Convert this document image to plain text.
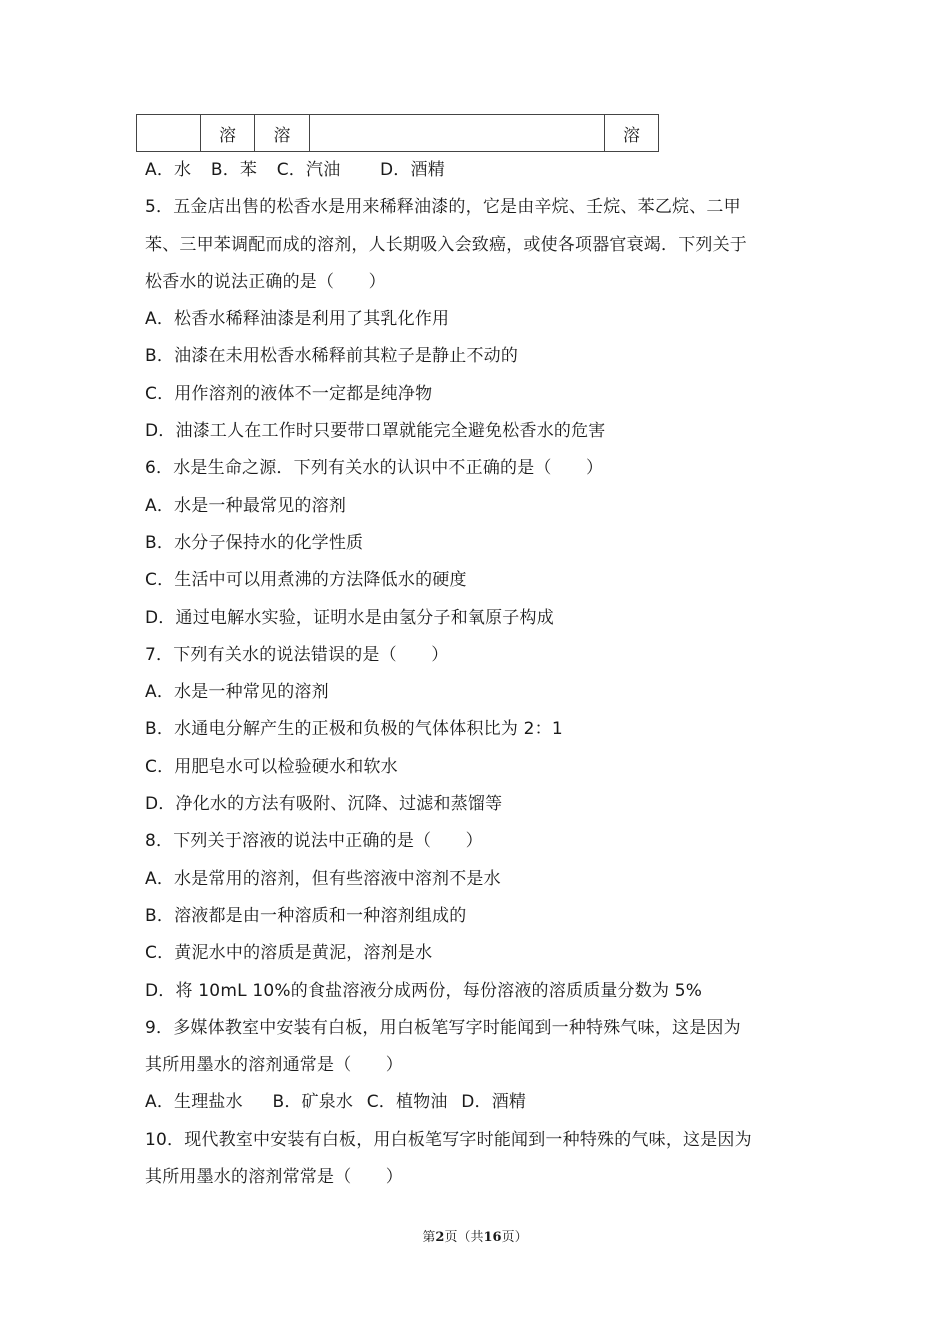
	溶	溶		溶
A．水 B．苯 C．汽油 D．酒精
5．五金店出售的松香水是用来稀释油漆的，它是由辛烷、壬烷、苯乙烷、二甲
苯、三甲苯调配而成的溶剂，人长期吸入会致癌，或使各项器官衰竭．下列关于
松香水的说法正确的是（　　）
A．松香水稀释油漆是利用了其乳化作用
B．油漆在未用松香水稀释前其粒子是静止不动的
C．用作溶剂的液体不一定都是纯净物
D．油漆工人在工作时只要带口罩就能完全避免松香水的危害
6．水是生命之源．下列有关水的认识中不正确的是（　　）
A．水是一种最常见的溶剂
B．水分子保持水的化学性质
C．生活中可以用煮沸的方法降低水的硬度
D．通过电解水实验，证明水是由氢分子和氧原子构成
7．下列有关水的说法错误的是（　　）
A．水是一种常见的溶剂
B．水通电分解产生的正极和负极的气体体积比为 2：1
C．用肥皂水可以检验硬水和软水
D．净化水的方法有吸附、沉降、过滤和蒸馏等
8．下列关于溶液的说法中正确的是（　　）
A．水是常用的溶剂，但有些溶液中溶剂不是水
B．溶液都是由一种溶质和一种溶剂组成的
C．黄泥水中的溶质是黄泥，溶剂是水
D．将 10mL 10%的食盐溶液分成两份，每份溶液的溶质质量分数为 5%
9．多媒体教室中安装有白板，用白板笔写字时能闻到一种特殊气味，这是因为
其所用墨水的溶剂通常是（　　）
A．生理盐水 B．矿泉水 C．植物油 D．酒精
10．现代教室中安装有白板，用白板笔写字时能闻到一种特殊的气味，这是因为
其所用墨水的溶剂常常是（　　）
第2页（共16页）
